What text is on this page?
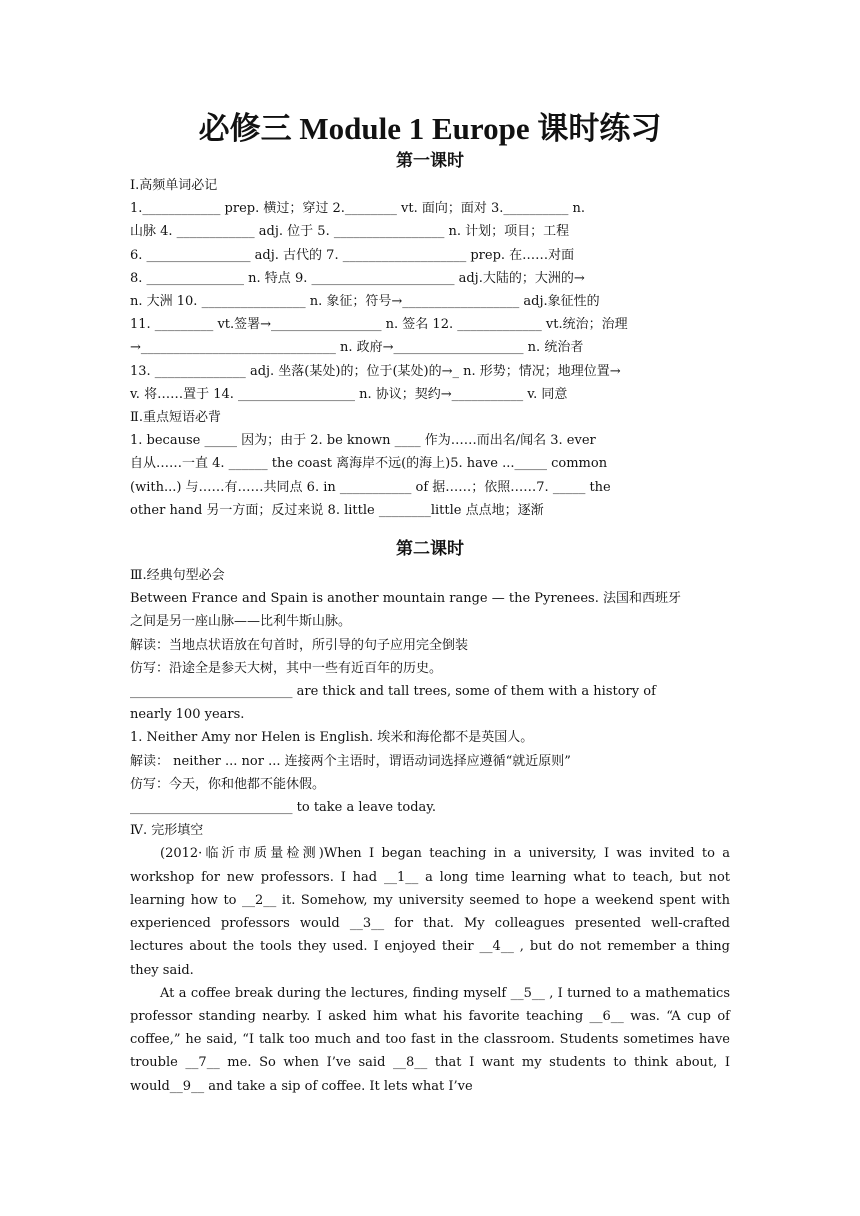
必修三 Module 1 Europe 课时练习
第一课时

Ⅰ.高频单词必记

1.____________ prep. 横过；穿过 2.________ vt. 面向；面对 3.__________ n.

山脉 4. ____________ adj. 位于 5. _________________ n. 计划；项目；工程

6. ________________ adj. 古代的 7. ___________________ prep. 在……对面

8. _______________ n. 特点 9. ______________________ adj.大陆的；大洲的→

n. 大洲 10. ________________ n. 象征；符号→__________________ adj.象征性的

11. _________ vt.签署→_________________ n. 签名 12. _____________ vt.统治；治理

→______________________________ n. 政府→____________________ n. 统治者

13. ______________ adj. 坐落(某处)的；位于(某处)的→_ n. 形势；情况；地理位置→

v. 将……置于 14. __________________ n. 协议；契约→___________ v. 同意

Ⅱ.重点短语必背

1. because _____ 因为；由于 2. be known ____ 作为……而出名/闻名 3. ever

自从……一直 4. ______ the coast 离海岸不远(的海上)5. have ..._____ common

(with...) 与……有……共同点 6. in ___________ of 据……；依照……7. _____ the

other hand 另一方面；反过来说 8. little ________little 点点地；逐渐

第二课时

Ⅲ.经典句型必会

Between France and Spain is another mountain range — the Pyrenees. 法国和西班牙

之间是另一座山脉——比利牛斯山脉。

解读：当地点状语放在句首时，所引导的句子应用完全倒装

仿写：沿途全是参天大树，其中一些有近百年的历史。

_________________________ are thick and tall trees, some of them with a history of

nearly 100 years.

1. Neither Amy nor Helen is English. 埃米和海伦都不是英国人。

解读： neither ... nor ... 连接两个主语时，谓语动词选择应遵循“就近原则”

仿写：今天，你和他都不能休假。

_________________________ to take a leave today.

Ⅳ. 完形填空

(2012·临沂市质量检测)When I began teaching in a university, I was invited to a workshop for new professors. I had __1__ a long time learning what to teach, but not learning how to __2__ it. Somehow, my university seemed to hope a weekend spent with experienced professors would __3__ for that. My colleagues presented well-crafted lectures about the tools they used. I enjoyed their __4__ , but do not remember a thing they said.

At a coffee break during the lectures, finding myself __5__ , I turned to a mathematics professor standing nearby. I asked him what his favorite teaching __6__ was. “A cup of coffee,” he said, “I talk too much and too fast in the classroom. Students sometimes have trouble __7__ me. So when I’ve said __8__ that I want my students to think about, I would__9__ and take a sip of coffee. It lets what I’ve
